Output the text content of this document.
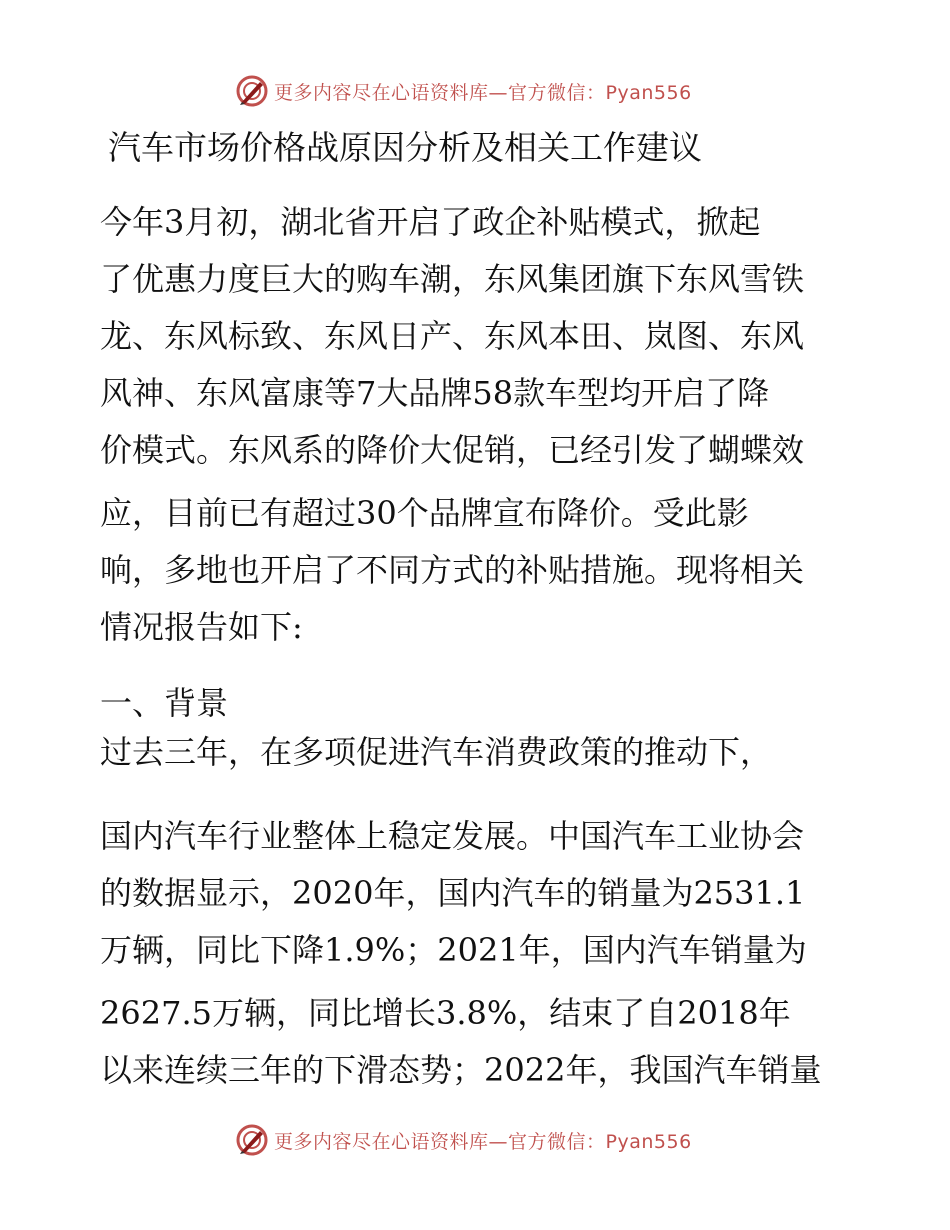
更多内容尽在心语资料库—官方微信：Pyan556
汽车市场价格战原因分析及相关工作建议
今年3月初，湖北省开启了政企补贴模式，掀起
了优惠力度巨大的购车潮，东风集团旗下东风雪铁
龙、东风标致、东风日产、东风本田、岚图、东风
风神、东风富康等7大品牌58款车型均开启了降
价模式。东风系的降价大促销，已经引发了蝴蝶效
应，目前已有超过30个品牌宣布降价。受此影
响，多地也开启了不同方式的补贴措施。现将相关
情况报告如下:
一、背景
过去三年，在多项促进汽车消费政策的推动下，
国内汽车行业整体上稳定发展。中国汽车工业协会
的数据显示，2020年，国内汽车的销量为2531.1
万辆，同比下降1.9%；2021年，国内汽车销量为
2627.5万辆，同比增长3.8%，结束了自2018年
以来连续三年的下滑态势；2022年，我国汽车销量
更多内容尽在心语资料库—官方微信：Pyan556
